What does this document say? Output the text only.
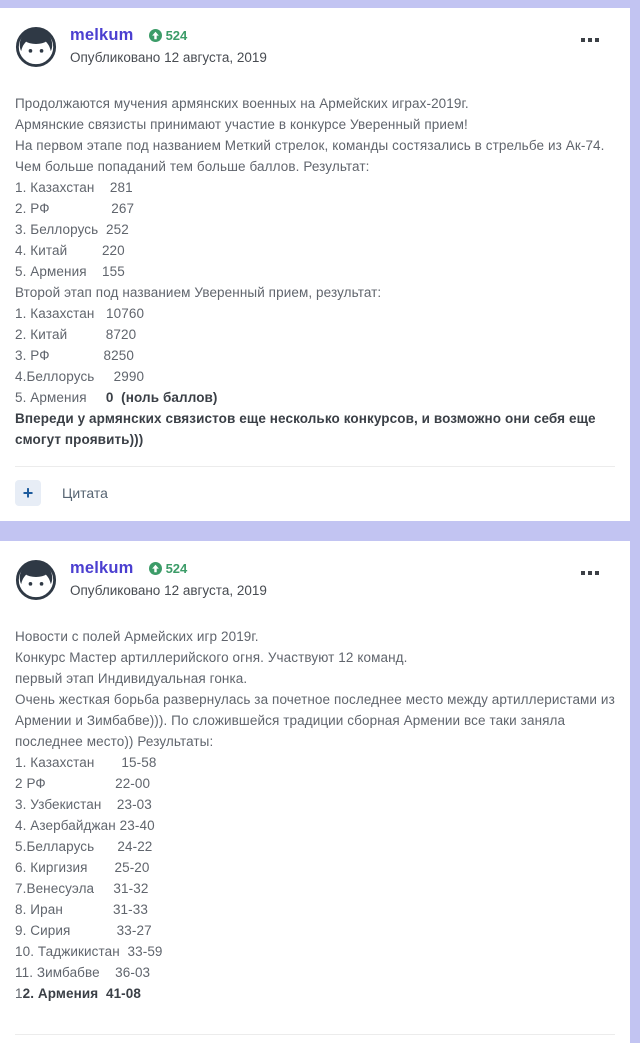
melkum 524
Опубликовано 12 августа, 2019

Продолжаются мучения армянских военных на Армейских играх-2019г.

Армянские связисты принимают участие в конкурсе Уверенный прием!

На первом этапе под названием Меткий стрелок, команды состязались в стрельбе из Ак-74. Чем больше попаданий тем больше баллов. Результат:

1. Казахстан    281

2. РФ                267

3. Беллорусь  252

4. Китай         220

5. Армения    155

Второй этап под названием Уверенный прием, результат:

1. Казахстан   10760

2. Китай          8720

3. РФ              8250

4.Беллорусь     2990

5. Армения     0  (ноль баллов)

Впереди у армянских связистов еще несколько конкурсов, и возможно они себя еще смогут проявить)))

+	Цитата
melkum 524
Опубликовано 12 августа, 2019

Новости с полей Армейских игр 2019г.

Конкурс Мастер артиллерийского огня. Участвуют 12 команд.

первый этап Индивидуальная гонка.

Очень жесткая борьба развернулась за почетное последнее место между артиллеристами из Армении и Зимбабве))). По сложившейся традиции сборная Армении все таки заняла последнее место)) Результаты:

1. Казахстан       15-58

2 РФ                  22-00

3. Узбекистан    23-03

4. Азербайджан 23-40

5.Белларусь      24-22

6. Киргизия       25-20

7.Венесуэла     31-32

8. Иран             31-33

9. Сирия            33-27

10. Таджикистан  33-59

11. Зимбабве    36-03

12. Армения  41-08
